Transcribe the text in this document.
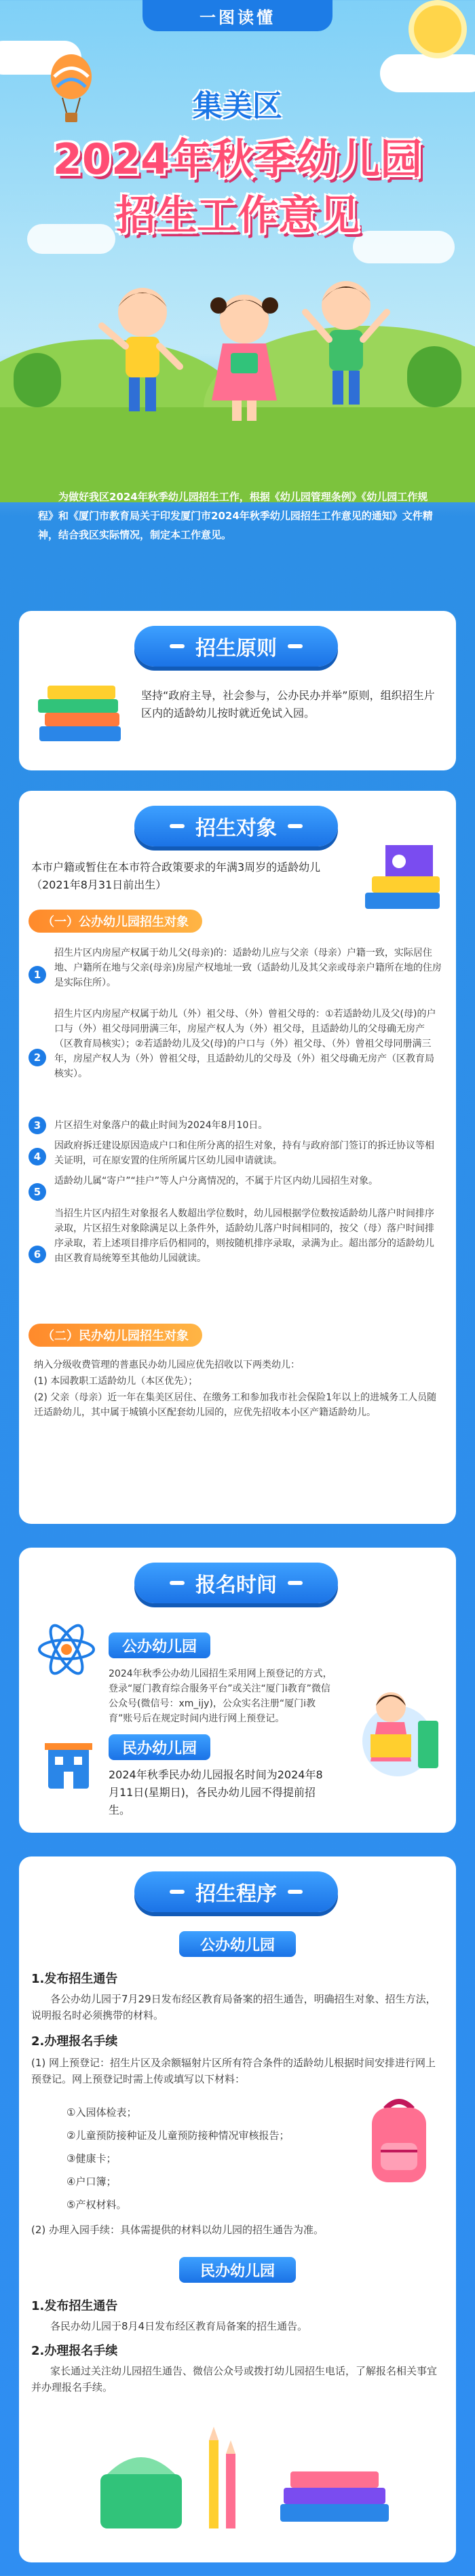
一图读懂
集美区
2024年秋季幼儿园
招生工作意见
为做好我区2024年秋季幼儿园招生工作，根据《幼儿园管理条例》《幼儿园工作规程》和《厦门市教育局关于印发厦门市2024年秋季幼儿园招生工作意见的通知》文件精神，结合我区实际情况，制定本工作意见。
招生原则
坚持“政府主导，社会参与，公办民办并举”原则，组织招生片区内的适龄幼儿按时就近免试入园。
招生对象
本市户籍或暂住在本市符合政策要求的年满3周岁的适龄幼儿（2021年8月31日前出生）
（一）公办幼儿园招生对象
1
招生片区内房屋产权属于幼儿父(母亲)的：适龄幼儿应与父亲（母亲）户籍一致，实际居住地、户籍所在地与父亲(母亲)房屋产权地址一致（适龄幼儿及其父亲或母亲户籍所在地的住房是实际住所）。
2
招生片区内房屋产权属于幼儿（外）祖父母、（外）曾祖父母的：①若适龄幼儿及父(母)的户口与（外）祖父母同册满三年，房屋产权人为（外）祖父母，且适龄幼儿的父母确无房产（区教育局核实）；②若适龄幼儿及父(母)的户口与（外）祖父母、（外）曾祖父母同册满三年，房屋产权人为（外）曾祖父母，且适龄幼儿的父母及（外）祖父母确无房产（区教育局核实）。
3	片区招生对象落户的截止时间为2024年8月10日。
4
因政府拆迁建设原因造成户口和住所分离的招生对象，持有与政府部门签订的拆迁协议等相关证明，可在原安置的住所所属片区幼儿园申请就读。
5
适龄幼儿属“寄户”“挂户”等人户分离情况的，不属于片区内幼儿园招生对象。
6
当招生片区内招生对象报名人数超出学位数时，幼儿园根据学位数按适龄幼儿落户时间排序录取，片区招生对象除满足以上条件外，适龄幼儿落户时间相同的，按父（母）落户时间排序录取，若上述项目排序后仍相同的，则按随机排序录取，录满为止。超出部分的适龄幼儿由区教育局统筹至其他幼儿园就读。
（二）民办幼儿园招生对象
纳入分级收费管理的普惠民办幼儿园应优先招收以下两类幼儿：
(1) 本园教职工适龄幼儿（本区优先）；
(2) 父亲（母亲）近一年在集美区居住、在缴务工和参加我市社会保险1年以上的进城务工人员随迁适龄幼儿，其中属于城镇小区配套幼儿园的，应优先招收本小区产籍适龄幼儿。
报名时间
公办幼儿园
2024年秋季公办幼儿园招生采用网上预登记的方式，登录“厦门教育综合服务平台”或关注“厦门i教育”微信公众号(微信号：xm_ijy)，公众实名注册“厦门i教育”账号后在规定时间内进行网上预登记。
民办幼儿园
2024年秋季民办幼儿园报名时间为2024年8月11日(星期日)，各民办幼儿园不得提前招生。
招生程序
公办幼儿园
1.发布招生通告
各公办幼儿园于7月29日发布经区教育局备案的招生通告，明确招生对象、招生方法，说明报名时必须携带的材料。
2.办理报名手续
(1) 网上预登记：招生片区及余额辐射片区所有符合条件的适龄幼儿根据时间安排进行网上预登记。网上预登记时需上传或填写以下材料：
①入园体检表；
②儿童预防接种证及儿童预防接种情况审核报告；
③健康卡；
④户口簿；
⑤产权材料。
(2) 办理入园手续：具体需提供的材料以幼儿园的招生通告为准。
民办幼儿园
1.发布招生通告
各民办幼儿园于8月4日发布经区教育局备案的招生通告。
2.办理报名手续
家长通过关注幼儿园招生通告、微信公众号或拨打幼儿园招生电话，了解报名相关事宜并办理报名手续。
